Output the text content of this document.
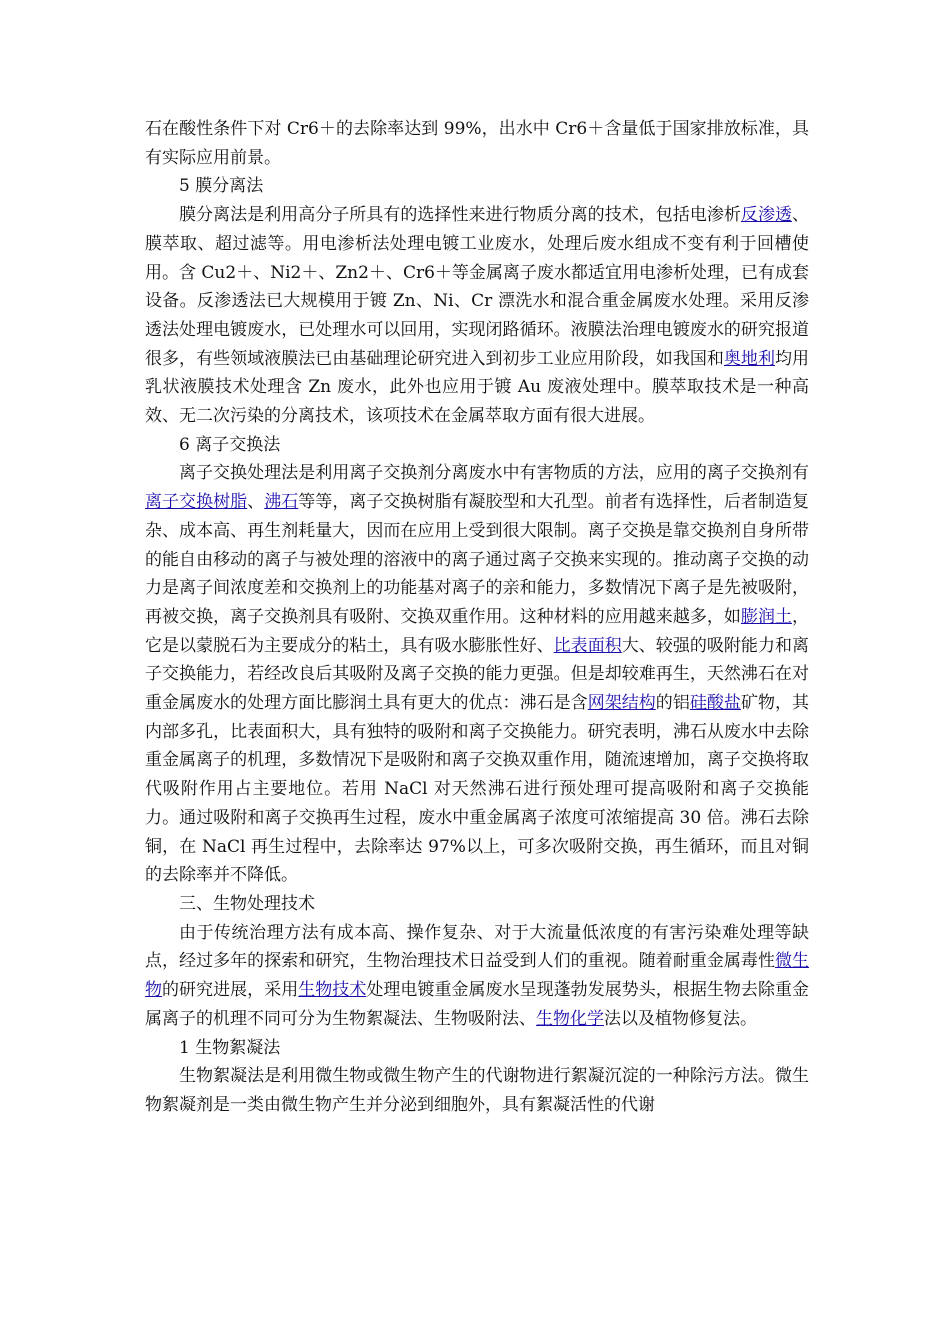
石在酸性条件下对 Cr6＋的去除率达到 99%，出水中 Cr6＋含量低于国家排放标准，具有实际应用前景。

5 膜分离法

膜分离法是利用高分子所具有的选择性来进行物质分离的技术，包括电渗析反渗透、膜萃取、超过滤等。用电渗析法处理电镀工业废水，处理后废水组成不变有利于回槽使用。含 Cu2＋、Ni2＋、Zn2＋、Cr6＋等金属离子废水都适宜用电渗析处理，已有成套设备。反渗透法已大规模用于镀 Zn、Ni、Cr 漂洗水和混合重金属废水处理。采用反渗透法处理电镀废水，已处理水可以回用，实现闭路循环。液膜法治理电镀废水的研究报道很多，有些领域液膜法已由基础理论研究进入到初步工业应用阶段，如我国和奥地利均用乳状液膜技术处理含 Zn 废水，此外也应用于镀 Au 废液处理中。膜萃取技术是一种高效、无二次污染的分离技术，该项技术在金属萃取方面有很大进展。

6 离子交换法

离子交换处理法是利用离子交换剂分离废水中有害物质的方法，应用的离子交换剂有离子交换树脂、沸石等等，离子交换树脂有凝胶型和大孔型。前者有选择性，后者制造复杂、成本高、再生剂耗量大，因而在应用上受到很大限制。离子交换是靠交换剂自身所带的能自由移动的离子与被处理的溶液中的离子通过离子交换来实现的。推动离子交换的动力是离子间浓度差和交换剂上的功能基对离子的亲和能力，多数情况下离子是先被吸附，再被交换，离子交换剂具有吸附、交换双重作用。这种材料的应用越来越多，如膨润土，它是以蒙脱石为主要成分的粘土，具有吸水膨胀性好、比表面积大、较强的吸附能力和离子交换能力，若经改良后其吸附及离子交换的能力更强。但是却较难再生，天然沸石在对重金属废水的处理方面比膨润土具有更大的优点：沸石是含网架结构的铝硅酸盐矿物，其内部多孔，比表面积大，具有独特的吸附和离子交换能力。研究表明，沸石从废水中去除重金属离子的机理，多数情况下是吸附和离子交换双重作用，随流速增加，离子交换将取代吸附作用占主要地位。若用 NaCl 对天然沸石进行预处理可提高吸附和离子交换能力。通过吸附和离子交换再生过程，废水中重金属离子浓度可浓缩提高 30 倍。沸石去除铜，在 NaCl 再生过程中，去除率达 97%以上，可多次吸附交换，再生循环，而且对铜的去除率并不降低。

三、生物处理技术

由于传统治理方法有成本高、操作复杂、对于大流量低浓度的有害污染难处理等缺点，经过多年的探索和研究，生物治理技术日益受到人们的重视。随着耐重金属毒性微生物的研究进展，采用生物技术处理电镀重金属废水呈现蓬勃发展势头，根据生物去除重金属离子的机理不同可分为生物絮凝法、生物吸附法、生物化学法以及植物修复法。

1 生物絮凝法

生物絮凝法是利用微生物或微生物产生的代谢物进行絮凝沉淀的一种除污方法。微生物絮凝剂是一类由微生物产生并分泌到细胞外，具有絮凝活性的代谢
